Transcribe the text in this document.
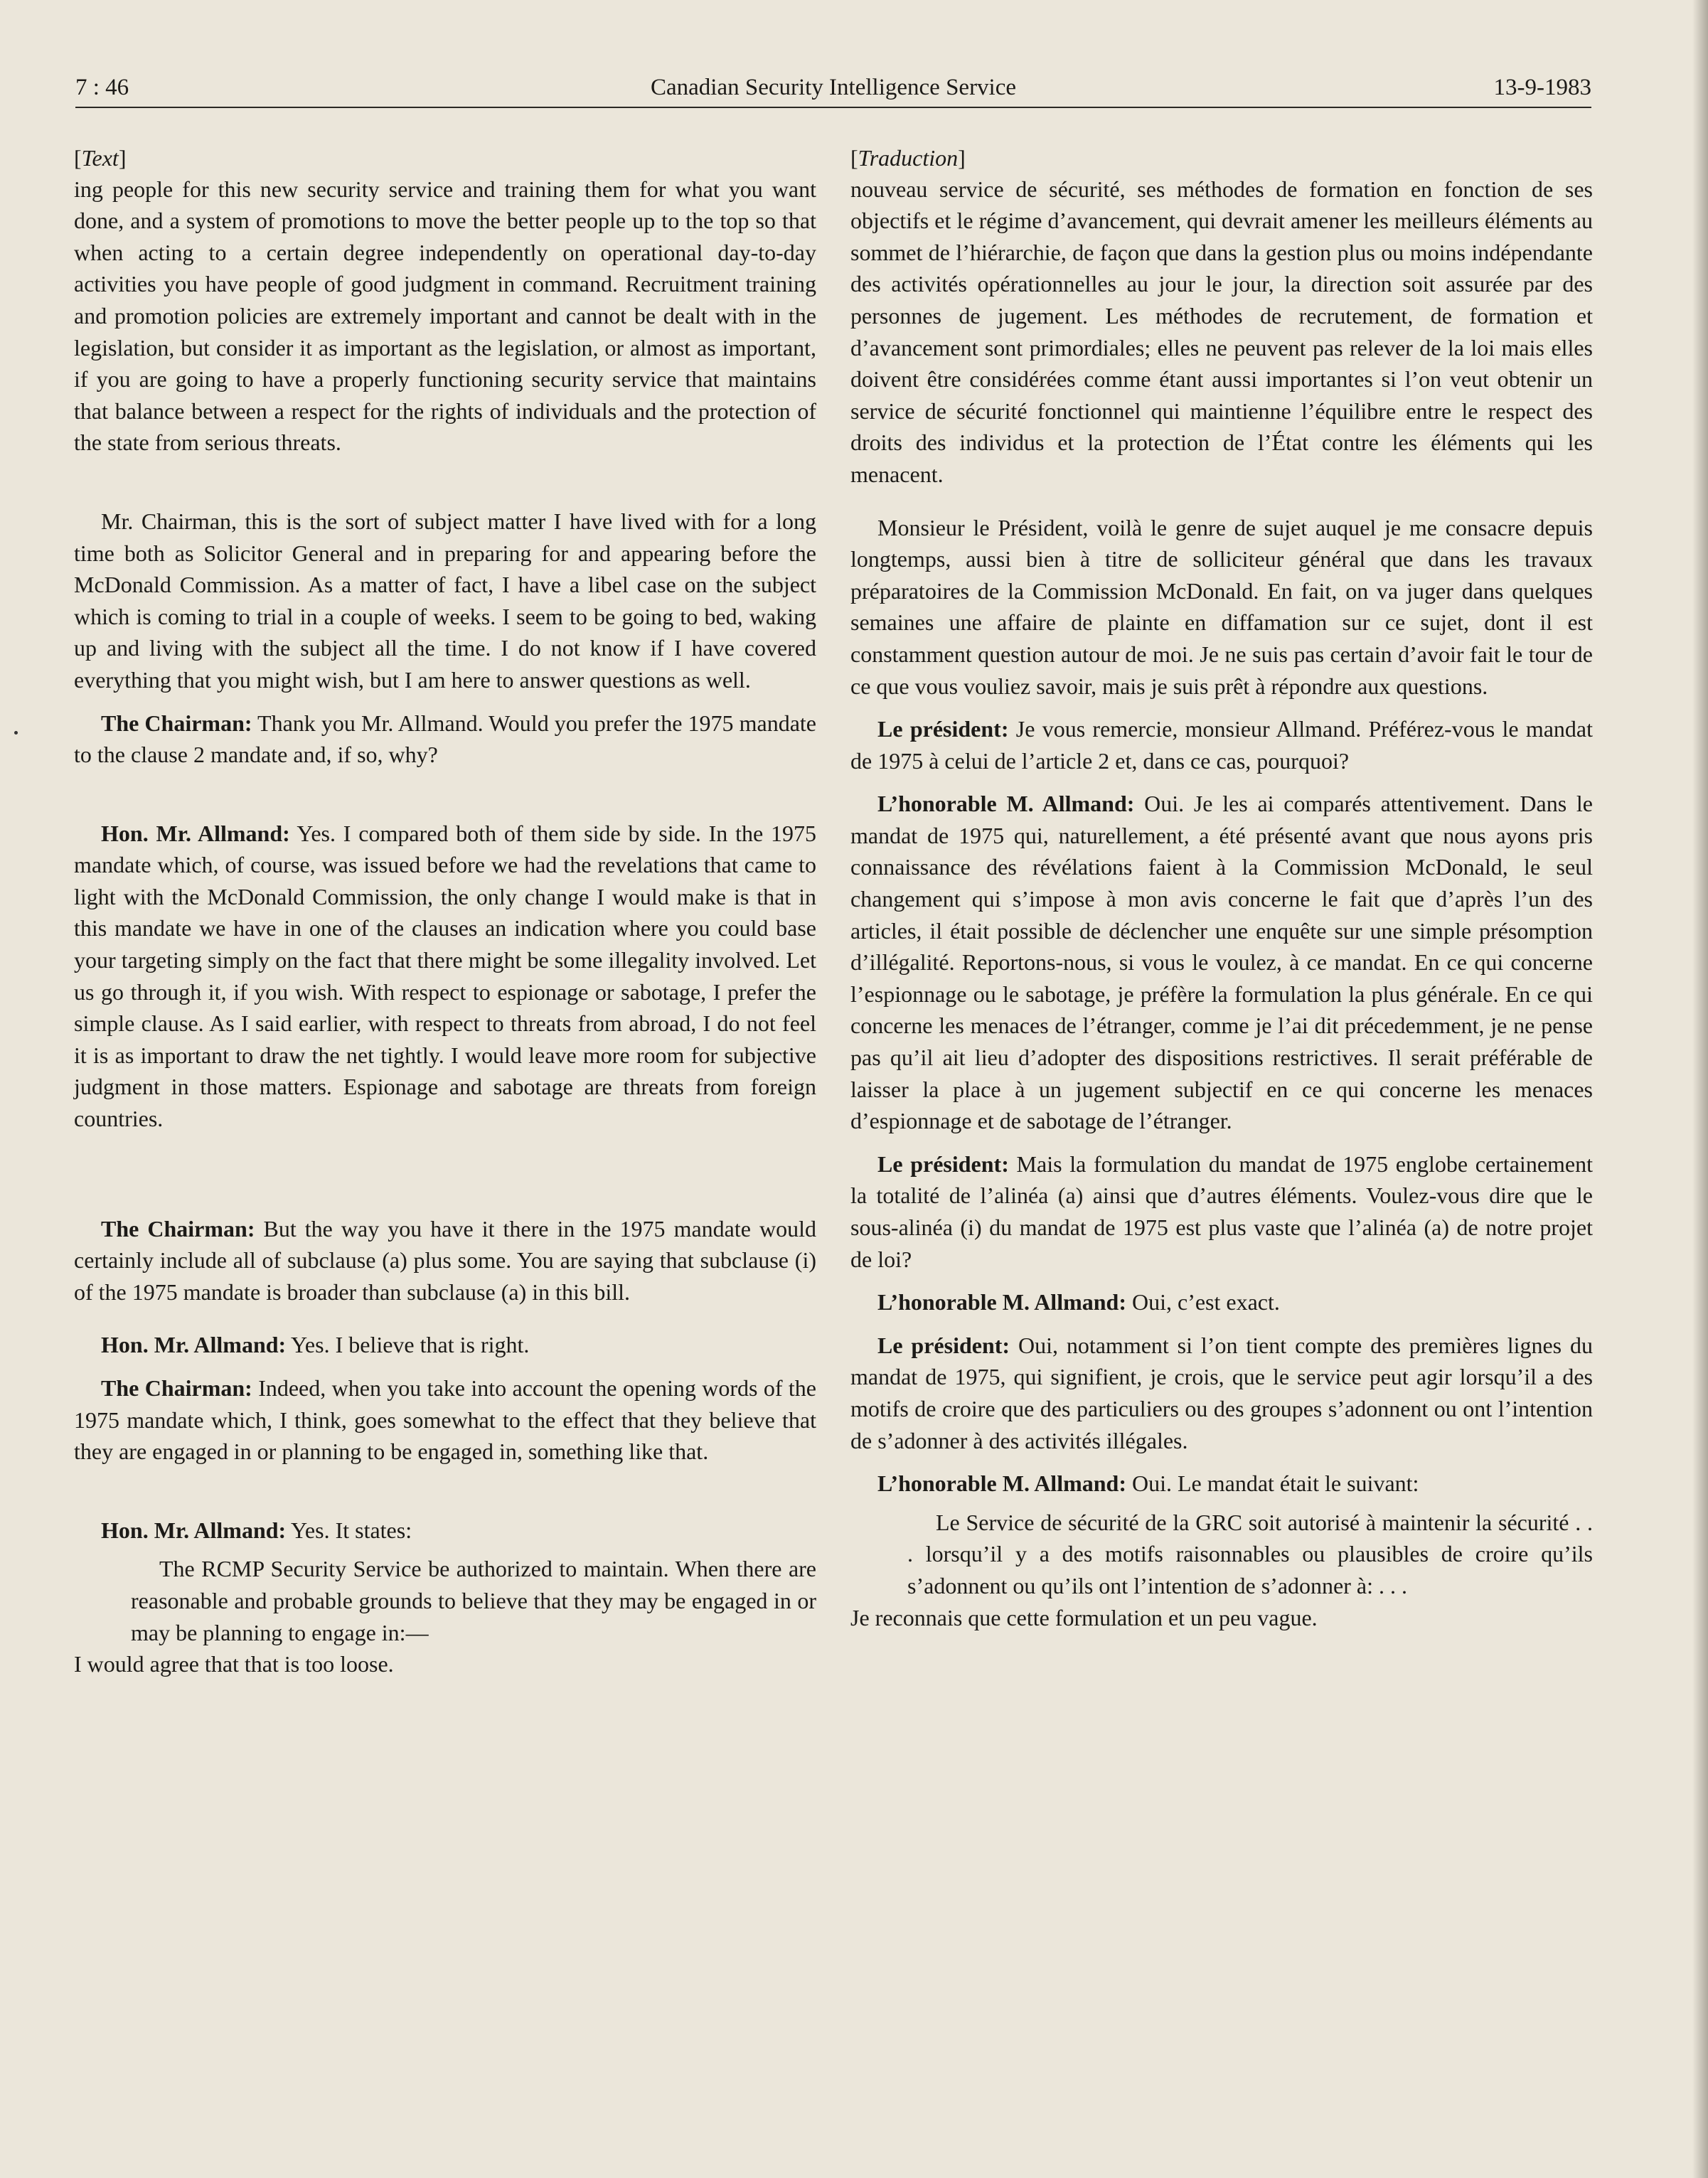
7 : 46	Canadian Security Intelligence Service	13-9-1983
[Text]

ing people for this new security service and training them for what you want done, and a system of promotions to move the better people up to the top so that when acting to a certain degree independently on operational day-to-day activities you have people of good judgment in command. Recruitment training and promotion policies are extremely important and cannot be dealt with in the legislation, but consider it as important as the legislation, or almost as important, if you are going to have a properly functioning security service that maintains that balance between a respect for the rights of individuals and the protection of the state from serious threats.

Mr. Chairman, this is the sort of subject matter I have lived with for a long time both as Solicitor General and in preparing for and appearing before the McDonald Commission. As a matter of fact, I have a libel case on the subject which is coming to trial in a couple of weeks. I seem to be going to bed, waking up and living with the subject all the time. I do not know if I have covered everything that you might wish, but I am here to answer questions as well.

The Chairman: Thank you Mr. Allmand. Would you prefer the 1975 mandate to the clause 2 mandate and, if so, why?

Hon. Mr. Allmand: Yes. I compared both of them side by side. In the 1975 mandate which, of course, was issued before we had the revelations that came to light with the McDonald Commission, the only change I would make is that in this mandate we have in one of the clauses an indication where you could base your targeting simply on the fact that there might be some illegality involved. Let us go through it, if you wish. With respect to espionage or sabotage, I prefer the simple clause. As I said earlier, with respect to threats from abroad, I do not feel it is as important to draw the net tightly. I would leave more room for subjective judgment in those matters. Espionage and sabotage are threats from foreign countries.

The Chairman: But the way you have it there in the 1975 mandate would certainly include all of subclause (a) plus some. You are saying that subclause (i) of the 1975 mandate is broader than subclause (a) in this bill.

Hon. Mr. Allmand: Yes. I believe that is right.

The Chairman: Indeed, when you take into account the opening words of the 1975 mandate which, I think, goes somewhat to the effect that they believe that they are engaged in or planning to be engaged in, something like that.

Hon. Mr. Allmand: Yes. It states:

The RCMP Security Service be authorized to maintain. When there are reasonable and probable grounds to believe that they may be engaged in or may be planning to engage in:—

I would agree that that is too loose.

[Traduction]

nouveau service de sécurité, ses méthodes de formation en fonction de ses objectifs et le régime d’avancement, qui devrait amener les meilleurs éléments au sommet de l’hiérarchie, de façon que dans la gestion plus ou moins indépendante des activités opérationnelles au jour le jour, la direction soit assurée par des personnes de jugement. Les méthodes de recrutement, de formation et d’avancement sont primordiales; elles ne peuvent pas relever de la loi mais elles doivent être considérées comme étant aussi importantes si l’on veut obtenir un service de sécurité fonctionnel qui maintienne l’équilibre entre le respect des droits des individus et la protection de l’État contre les éléments qui les menacent.

Monsieur le Président, voilà le genre de sujet auquel je me consacre depuis longtemps, aussi bien à titre de solliciteur général que dans les travaux préparatoires de la Commission McDonald. En fait, on va juger dans quelques semaines une affaire de plainte en diffamation sur ce sujet, dont il est constamment question autour de moi. Je ne suis pas certain d’avoir fait le tour de ce que vous vouliez savoir, mais je suis prêt à répondre aux questions.

Le président: Je vous remercie, monsieur Allmand. Préférez-vous le mandat de 1975 à celui de l’article 2 et, dans ce cas, pourquoi?

L’honorable M. Allmand: Oui. Je les ai comparés attentivement. Dans le mandat de 1975 qui, naturellement, a été présenté avant que nous ayons pris connaissance des révélations faient à la Commission McDonald, le seul changement qui s’impose à mon avis concerne le fait que d’après l’un des articles, il était possible de déclencher une enquête sur une simple présomption d’illégalité. Reportons-nous, si vous le voulez, à ce mandat. En ce qui concerne l’espionnage ou le sabotage, je préfère la formulation la plus générale. En ce qui concerne les menaces de l’étranger, comme je l’ai dit précedemment, je ne pense pas qu’il ait lieu d’adopter des dispositions restrictives. Il serait préférable de laisser la place à un jugement subjectif en ce qui concerne les menaces d’espionnage et de sabotage de l’étranger.

Le président: Mais la formulation du mandat de 1975 englobe certainement la totalité de l’alinéa (a) ainsi que d’autres éléments. Voulez-vous dire que le sous-alinéa (i) du mandat de 1975 est plus vaste que l’alinéa (a) de notre projet de loi?

L’honorable M. Allmand: Oui, c’est exact.

Le président: Oui, notamment si l’on tient compte des premières lignes du mandat de 1975, qui signifient, je crois, que le service peut agir lorsqu’il a des motifs de croire que des particuliers ou des groupes s’adonnent ou ont l’intention de s’adonner à des activités illégales.

L’honorable M. Allmand: Oui. Le mandat était le suivant:

Le Service de sécurité de la GRC soit autorisé à maintenir la sécurité . . . lorsqu’il y a des motifs raisonnables ou plausibles de croire qu’ils s’adonnent ou qu’ils ont l’intention de s’adonner à: . . .

Je reconnais que cette formulation et un peu vague.
